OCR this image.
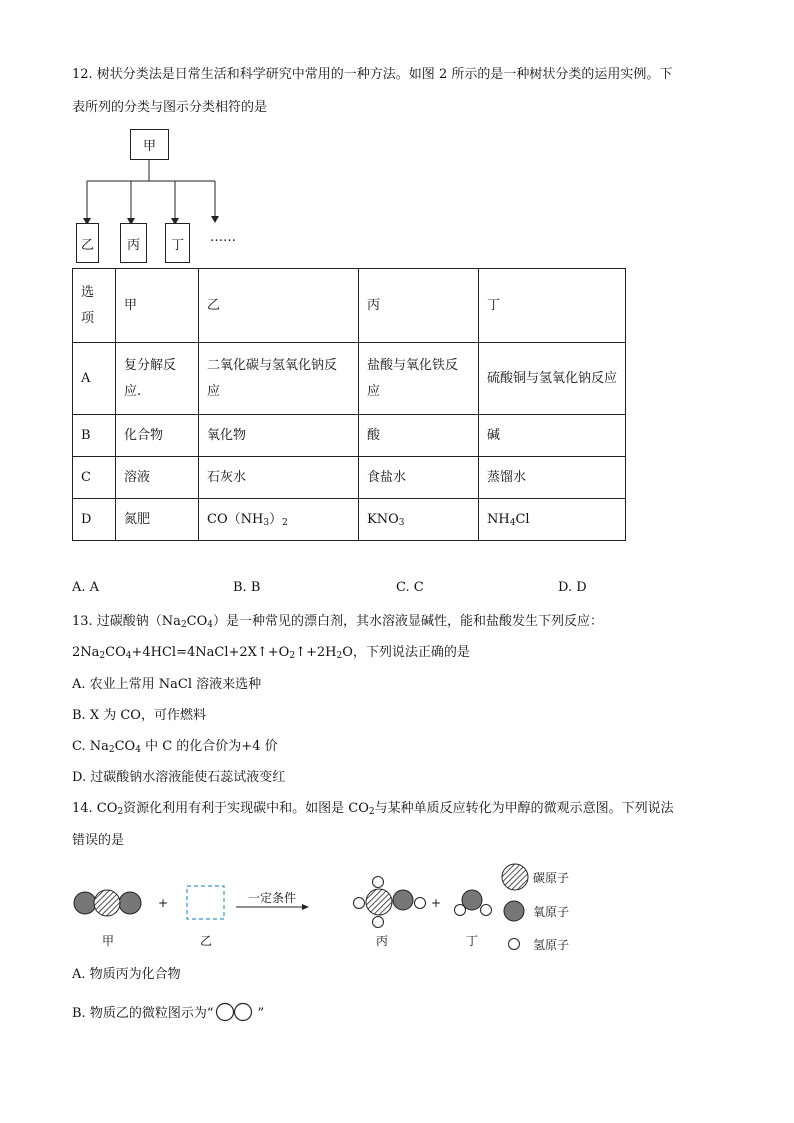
12. 树状分类法是日常生活和科学研究中常用的一种方法。如图 2 所示的是一种树状分类的运用实例。下
表所列的分类与图示分类相符的是
甲
乙	丙 丁 ……
选项	甲	乙	丙	丁
A	复分解反应.	二氧化碳与氢氧化钠反应	盐酸与氧化铁反应	硫酸铜与氢氧化钠反应
B	化合物	氧化物	酸	碱
C	溶液	石灰水	食盐水	蒸馏水
D	氮肥	$CO(NH_3)_2$	$KNO_3$	$NH_4Cl$
A. A	B. B	C. C	D. D
13. 过碳酸钠$(Na_2CO_4)$是一种常见的漂白剂，其水溶液显碱性，能和盐酸发生下列反应：
$2Na_2CO_4+4HCl=4NaCl+2X↑+O_2↑+2H_2O$，下列说法正确的是
A. 农业上常用 NaCl 溶液来选种
B. X 为 CO，可作燃料
C. $Na_2CO_4$ 中 C 的化合价为+4 价
D. 过碳酸钠水溶液能使石蕊试液变红
14. $CO_2$资源化利用有利于实现碳中和。如图是 $CO_2$与某种单质反应转化为甲醇的微观示意图。下列说法
错误的是
+	+
一定条件
甲	乙	丙	丁
碳原子
氧原子
氢原子
A. 物质丙为化合物
B. 物质乙的微粒图示为“	”
